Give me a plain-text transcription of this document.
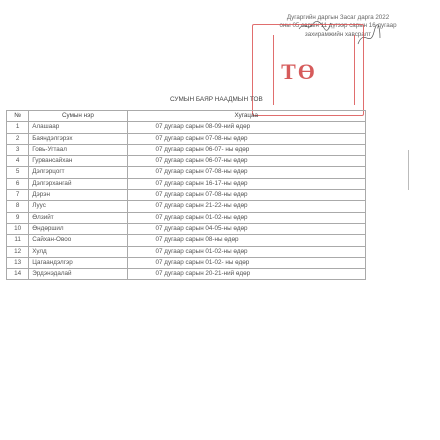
Дугаргийн даргын Засаг дарга 2022
оны 05 сарын 11 дүгээр сарын 16 дугаар
захирамжийн хавсралт
ТӨ
СУМЫН БАЯР НААДМЫН ТОВ
№	Сумын нэр	Хугацаа
1	Алашаар	07 дугаар сарын 08-09-ний өдөр
2	Баяндэлгэрэх	07 дугаар сарын 07-08-ны өдөр
3	Говь-Угтаал	07 дугаар сарын 06-07- ны өдөр
4	Гурвансайхан	07 дугаар сарын 06-07-ны өдөр
5	Дэлгэрцогт	07 дугаар сарын 07-08-ны өдөр
6	Дэлгэрхангай	07 дугаар сарын 16-17-ны өдөр
7	Дэрэн	07 дугаар сарын 07-08-ны өдөр
8	Луус	07 дугаар сарын 21-22-ны өдөр
9	Өлзийт	07 дугаар сарын 01-02-ны өдөр
10	Өндөршил	07 дугаар сарын 04-05-ны өдөр
11	Сайхан-Овоо	07 дугаар сарын 08-ны өдөр
12	Хулд	07 дугаар сарын 01-02-ны өдөр
13	Цагаандэлгэр	07 дугаар сарын 01-02- ны өдөр
14	Эрдэнэдалай	07 дугаар сарын 20-21-ний өдөр
